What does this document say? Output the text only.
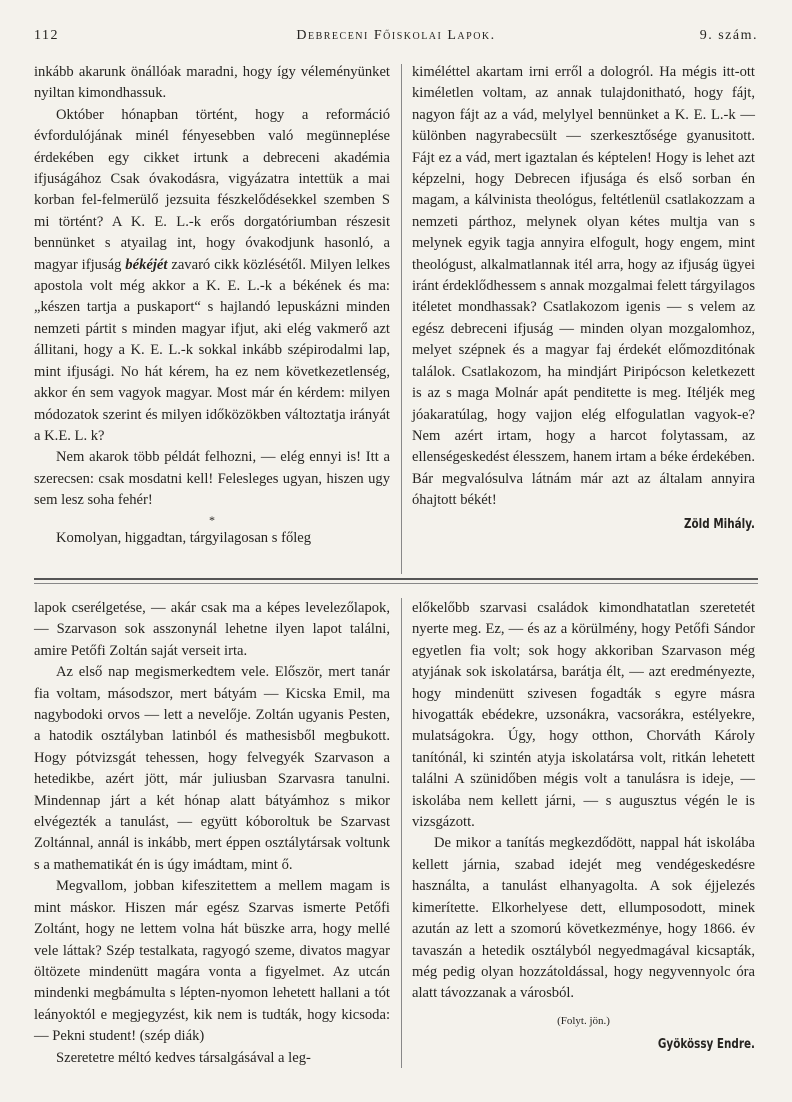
112	Debreceni Főiskolai Lapok.	9. szám.

inkább akarunk önállóak maradni, hogy így véleményünket nyiltan kimondhassuk.

Október hónapban történt, hogy a reformáció évfordulójának minél fényesebben való megünneplése érdekében egy cikket irtunk a debreceni akadémia ifjuságához Csak óvakodásra, vigyázatra intettük a mai korban fel-felmerülő jezsuita fészkelődésekkel szemben S mi történt? A K. E. L.-k erős dorgatóriumban részesit bennünket s atyailag int, hogy óvakodjunk hasonló, a magyar ifjuság békéjét zavaró cikk közlésétől. Milyen lelkes apostola volt még akkor a K. E. L.-k a békének és ma: „készen tartja a puskaport“ s hajlandó lepuskázni minden nemzeti pártit s minden magyar ifjut, aki elég vakmerő azt állitani, hogy a K. E. L.-k sokkal inkább szépirodalmi lap, mint ifjusági. No hát kérem, ha ez nem következetlenség, akkor én sem vagyok magyar. Most már én kérdem: milyen módozatok szerint és milyen időközökben változtatja irányát a K.E. L. k?

Nem akarok több példát felhozni, — elég ennyi is! Itt a szerecsen: csak mosdatni kell! Felesleges ugyan, hiszen ugy sem lesz soha fehér!

*

Komolyan, higgadtan, tárgyilagosan s főleg

kiméléttel akartam irni erről a dologról. Ha mégis itt-ott kiméletlen voltam, az annak tulajdonitható, hogy fájt, nagyon fájt az a vád, melylyel bennünket a K. E. L.-k — különben nagyrabecsült — szerkesztősége gyanusitott. Fájt ez a vád, mert igaztalan és képtelen! Hogy is lehet azt képzelni, hogy Debrecen ifjusága és első sorban én magam, a kálvinista theológus, feltétlenül csatlakozzam a nemzeti párthoz, melynek olyan kétes multja van s melynek egyik tagja annyira elfogult, hogy engem, mint theológust, alkalmatlannak itél arra, hogy az ifjuság ügyei iránt érdeklődhessem s annak mozgalmai felett tárgyilagos itéletet mondhassak? Csatlakozom igenis — s velem az egész debreceni ifjuság — minden olyan mozgalomhoz, melyet szépnek és a magyar faj érdekét előmozditónak találok. Csatlakozom, ha mindjárt Piripócson keletkezett is az s maga Molnár apát penditette is meg. Itéljék meg jóakaratúlag, hogy vajjon elég elfogulatlan vagyok-e? Nem azért irtam, hogy a harcot folytassam, az ellenségeskedést élesszem, hanem irtam a béke érdekében. Bár megvalósulva látnám már azt az általam annyira óhajtott békét!

Zöld Mihály.

lapok cserélgetése, — akár csak ma a képes levelezőlapok, — Szarvason sok asszonynál lehetne ilyen lapot találni, amire Petőfi Zoltán saját verseit irta.

Az első nap megismerkedtem vele. Először, mert tanár fia voltam, másodszor, mert bátyám — Kicska Emil, ma nagybodoki orvos — lett a nevelője. Zoltán ugyanis Pesten, a hatodik osztályban latinból és mathesisből megbukott. Hogy pótvizsgát tehessen, hogy felvegyék Szarvason a hetedikbe, azért jött, már juliusban Szarvasra tanulni. Mindennap járt a két hónap alatt bátyámhoz s mikor elvégezték a tanulást, — együtt kóboroltuk be Szarvast Zoltánnal, annál is inkább, mert éppen osztálytársak voltunk s a mathematikát én is úgy imádtam, mint ő.

Megvallom, jobban kifeszitettem a mellem magam is mint máskor. Hiszen már egész Szarvas ismerte Petőfi Zoltánt, hogy ne lettem volna hát büszke arra, hogy mellé vele láttak? Szép testalkata, ragyogó szeme, divatos magyar öltözete mindenütt magára vonta a figyelmet. Az utcán mindenki megbámulta s lépten-nyomon lehetett hallani a tót leányoktól e megjegyzést, kik nem is tudták, hogy kicsoda: — Pekni student! (szép diák)

Szeretetre méltó kedves társalgásával a leg-

előkelőbb szarvasi családok kimondhatatlan szeretetét nyerte meg. Ez, — és az a körülmény, hogy Petőfi Sándor egyetlen fia volt; sok hogy akkoriban Szarvason még atyjának sok iskolatársa, barátja élt, — azt eredményezte, hogy mindenütt szivesen fogadták s egyre másra hivogatták ebédekre, uzsonákra, vacsorákra, estélyekre, mulatságokra. Úgy, hogy otthon, Chorváth Károly tanítónál, ki szintén atyja iskolatársa volt, ritkán lehetett találni A szünidőben mégis volt a tanulásra is ideje, — iskolába nem kellett járni, — s augusztus végén le is vizsgázott.

De mikor a tanítás megkezdődött, nappal hát iskolába kellett járnia, szabad idejét meg vendégeskedésre használta, a tanulást elhanyagolta. A sok éjjelezés kimerítette. Elkorhelyese dett, ellumposodott, minek azután az lett a szomorú következménye, hogy 1866. év tavaszán a hetedik osztályból negyedmagával kicsapták, még pedig olyan hozzátoldással, hogy negyvennyolc óra alatt távozzanak a városból.

(Folyt. jön.)
Gyökössy Endre.
